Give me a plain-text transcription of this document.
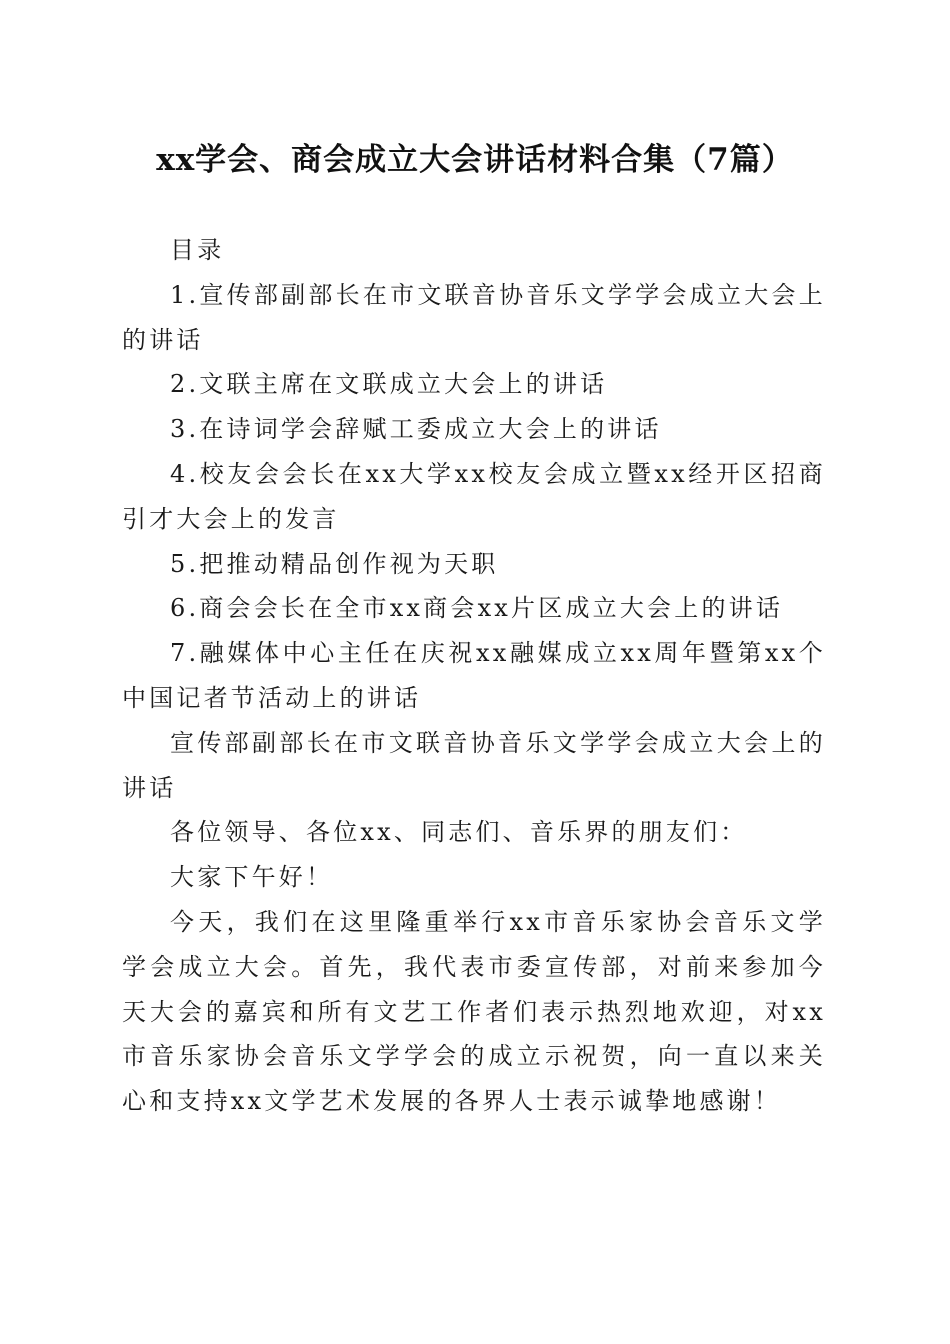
xx学会、商会成立大会讲话材料合集（7篇）

目录

1.宣传部副部长在市文联音协音乐文学学会成立大会上的讲话
2.文联主席在文联成立大会上的讲话
3.在诗词学会辞赋工委成立大会上的讲话
4.校友会会长在xx大学xx校友会成立暨xx经开区招商引才大会上的发言
5.把推动精品创作视为天职
6.商会会长在全市xx商会xx片区成立大会上的讲话
7.融媒体中心主任在庆祝xx融媒成立xx周年暨第xx个中国记者节活动上的讲话

宣传部副部长在市文联音协音乐文学学会成立大会上的讲话

各位领导、各位xx、同志们、音乐界的朋友们：

大家下午好！

今天，我们在这里隆重举行xx市音乐家协会音乐文学学会成立大会。首先，我代表市委宣传部，对前来参加今天大会的嘉宾和所有文艺工作者们表示热烈地欢迎，对xx市音乐家协会音乐文学学会的成立示祝贺，向一直以来关心和支持xx文学艺术发展的各界人士表示诚挚地感谢！
